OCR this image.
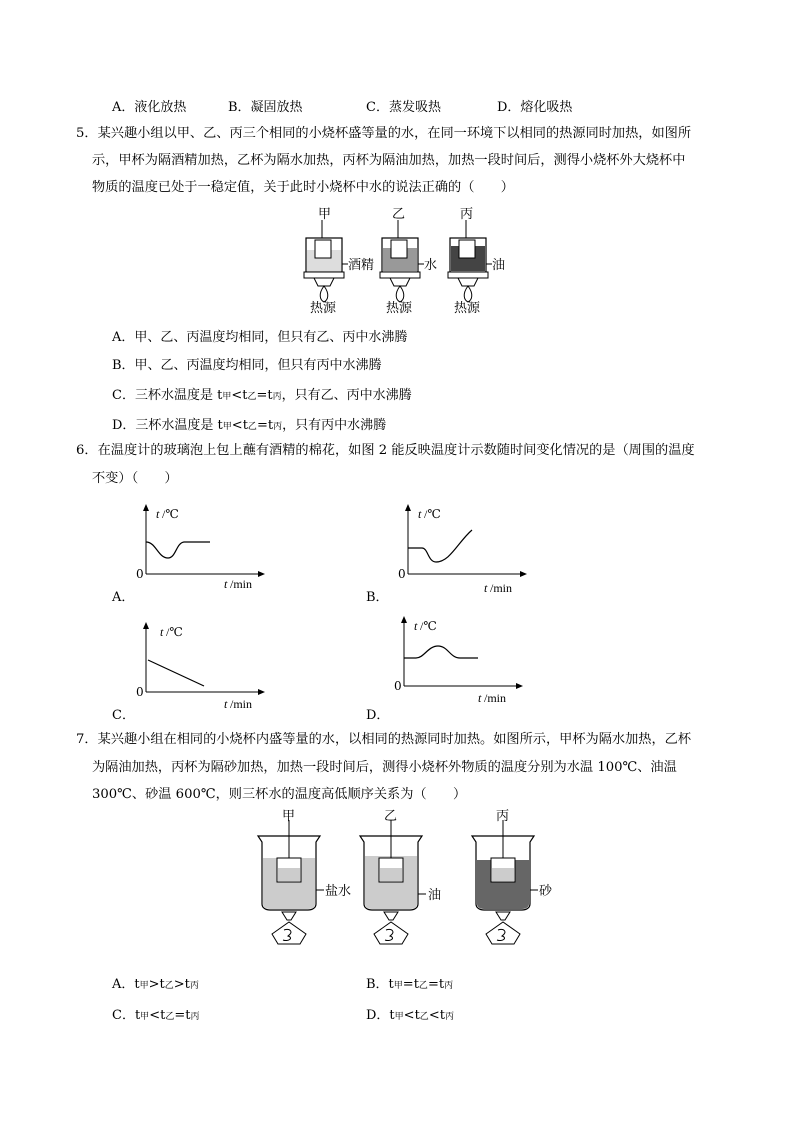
A．液化放热	B．凝固放热	C．蒸发吸热	D．熔化吸热
5．某兴趣小组以甲、乙、丙三个相同的小烧杯盛等量的水，在同一环境下以相同的热源同时加热，如图所
示，甲杯为隔酒精加热，乙杯为隔水加热，丙杯为隔油加热，加热一段时间后，测得小烧杯外大烧杯中
物质的温度已处于一稳定值，关于此时小烧杯中水的说法正确的（　　）
甲	乙	丙
酒精	水	油
热源	热源	热源
A．甲、乙、丙温度均相同，但只有乙、丙中水沸腾
B．甲、乙、丙温度均相同，但只有丙中水沸腾
C．三杯水温度是 t甲<t乙=t丙，只有乙、丙中水沸腾
D．三杯水温度是 t甲<t乙=t丙，只有丙中水沸腾
6．在温度计的玻璃泡上包上蘸有酒精的棉花，如图 2 能反映温度计示数随时间变化情况的是（周围的温度
不变）（　　）
0
t /℃
t /min
A．
0
t /℃
t /min
B．
0
t /℃
t /min
C．
0
t /℃
t /min
D．
7．某兴趣小组在相同的小烧杯内盛等量的水，以相同的热源同时加热。如图所示，甲杯为隔水加热，乙杯
为隔油加热，丙杯为隔砂加热，加热一段时间后，测得小烧杯外物质的温度分别为水温 100℃、油温
300℃、砂温 600℃，则三杯水的温度高低顺序关系为（　　）
甲	乙	丙
盐水	油	砂
A．t甲>t乙>t丙	B．t甲=t乙=t丙
C．t甲<t乙=t丙	D．t甲<t乙<t丙
